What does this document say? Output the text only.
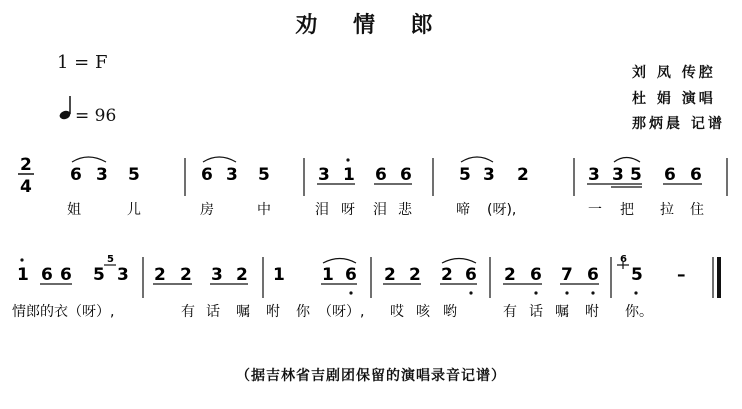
劝 情 郎
1 = F
= 96
刘 凤 传腔
杜 娟 演唱
那炳晨 记谱
（据吉林省吉剧团保留的演唱录音记谱）
2
4
6 3 5	6 3 5	3 1 6 6	5 3 2	3 3 5 6 6
姐	儿	房	中	泪 呀 泪 悲	啼 (呀),	一 把 拉 住
1 6 6 5 3 2 2 3 2 1 1 6 2 2 2 6 2 6 7 6 5 –
5	6
情郎的衣（呀）,	有 话 嘱 咐 你 （呀）, 哎 咳 哟	有 话 嘱 咐 你。
